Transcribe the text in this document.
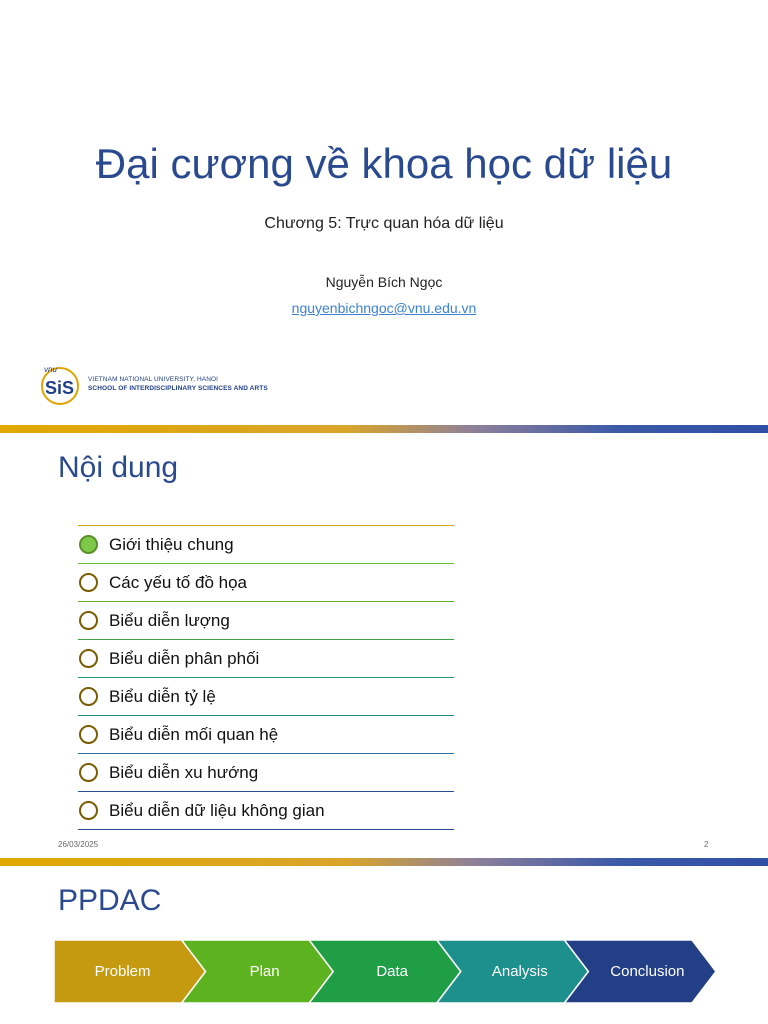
Đại cương về khoa học dữ liệu
Chương 5: Trực quan hóa dữ liệu
Nguyễn Bích Ngọc
nguyenbichngoc@vnu.edu.vn
vnu
SiS VIETNAM NATIONAL UNIVERSITY, HANOI
SCHOOL OF INTERDISCIPLINARY SCIENCES AND ARTS
Nội dung
Giới thiệu chung
Các yếu tố đồ họa
Biểu diễn lượng
Biểu diễn phân phối
Biểu diễn tỷ lệ
Biểu diễn mối quan hệ
Biểu diễn xu hướng
Biểu diễn dữ liệu không gian
26/03/2025	2
PPDAC
Problem	Plan	Data	Analysis	Conclusion
